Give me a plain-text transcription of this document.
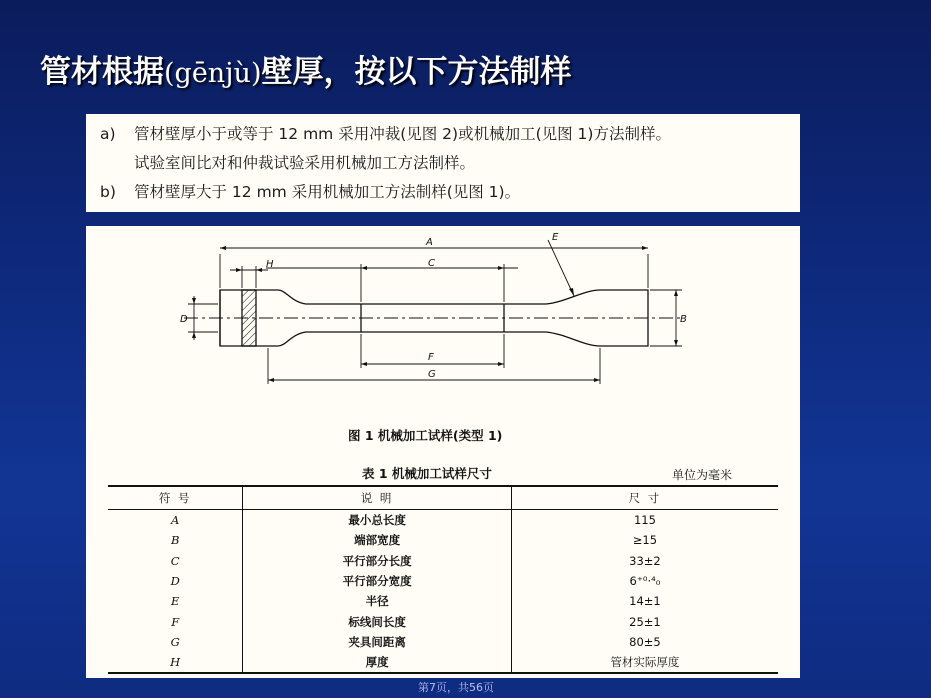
管材根据(gēnjù)壁厚，按以下方法制样
a) 管材壁厚小于或等于 12 mm 采用冲裁(见图 2)或机械加工(见图 1)方法制样。
试验室间比对和仲裁试验采用机械加工方法制样。
b) 管材壁厚大于 12 mm 采用机械加工方法制样(见图 1)。
A
C
H
E
F
G
D	B
图 1 机械加工试样(类型 1)
表 1 机械加工试样尺寸	单位为毫米
符 号	说 明	尺 寸
A	最小总长度	115
B	端部宽度	≥15
C	平行部分长度	33±2
D	平行部分宽度	6⁺⁰·⁴₀
E	半径	14±1
F	标线间长度	25±1
G	夹具间距离	80±5
H	厚度	管材实际厚度
第7页，共56页
